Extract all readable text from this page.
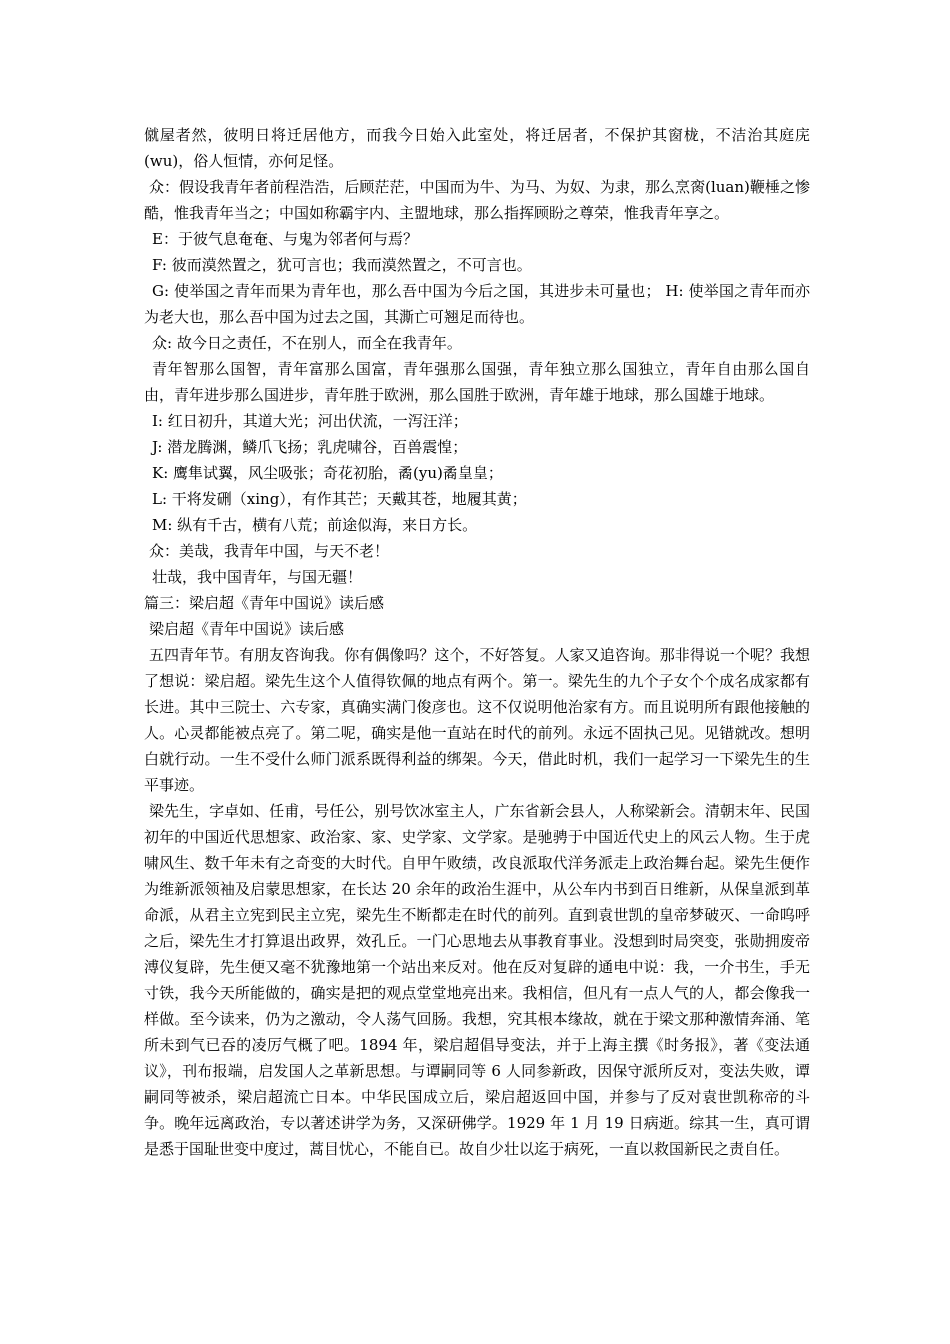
僦屋者然，彼明日将迁居他方，而我今日始入此室处，将迁居者，不保护其窗栊，不洁治其庭庑(wu)，俗人恒情，亦何足怪。

众：假设我青年者前程浩浩，后顾茫茫，中国而为牛、为马、为奴、为隶，那么烹脔(luan)鞭棰之惨酷，惟我青年当之；中国如称霸宇内、主盟地球，那么指挥顾盼之尊荣，惟我青年享之。

E：于彼气息奄奄、与鬼为邻者何与焉？

F: 彼而漠然置之，犹可言也；我而漠然置之，不可言也。

G: 使举国之青年而果为青年也，那么吾中国为今后之国，其进步未可量也； H: 使举国之青年而亦为老大也，那么吾中国为过去之国，其澌亡可翘足而待也。

众: 故今日之责任，不在别人，而全在我青年。

青年智那么国智，青年富那么国富，青年强那么国强，青年独立那么国独立，青年自由那么国自由，青年进步那么国进步，青年胜于欧洲，那么国胜于欧洲，青年雄于地球，那么国雄于地球。

I: 红日初升，其道大光；河出伏流，一泻汪洋；

J: 潜龙腾渊，鳞爪飞扬；乳虎啸谷，百兽震惶；

K: 鹰隼试翼，风尘吸张；奇花初胎，矞(yu)矞皇皇；

L: 干将发硎（xing），有作其芒；天戴其苍，地履其黄；

M: 纵有千古，横有八荒；前途似海，来日方长。

众：美哉，我青年中国，与天不老！

壮哉，我中国青年，与国无疆！

篇三：梁启超《青年中国说》读后感

梁启超《青年中国说》读后感

五四青年节。有朋友咨询我。你有偶像吗？这个，不好答复。人家又追咨询。那非得说一个呢？我想了想说：梁启超。梁先生这个人值得钦佩的地点有两个。第一。梁先生的九个子女个个成名成家都有长进。其中三院士、六专家，真确实满门俊彦也。这不仅说明他治家有方。而且说明所有跟他接触的人。心灵都能被点亮了。第二呢，确实是他一直站在时代的前列。永远不固执己见。见错就改。想明白就行动。一生不受什么师门派系既得利益的绑架。今天，借此时机，我们一起学习一下梁先生的生平事迹。

梁先生，字卓如、任甫，号任公，别号饮冰室主人，广东省新会县人，人称梁新会。清朝末年、民国初年的中国近代思想家、政治家、家、史学家、文学家。是驰骋于中国近代史上的风云人物。生于虎啸风生、数千年未有之奇变的大时代。自甲午败绩，改良派取代洋务派走上政治舞台起。梁先生便作为维新派领袖及启蒙思想家，在长达 20 余年的政治生涯中，从公车内书到百日维新，从保皇派到革命派，从君主立宪到民主立宪，梁先生不断都走在时代的前列。直到袁世凯的皇帝梦破灭、一命呜呼之后，梁先生才打算退出政界，效孔丘。一门心思地去从事教育事业。没想到时局突变，张勋拥废帝溥仪复辟，先生便又毫不犹豫地第一个站出来反对。他在反对复辟的通电中说：我，一介书生，手无寸铁，我今天所能做的，确实是把的观点堂堂地亮出来。我相信，但凡有一点人气的人，都会像我一样做。至今读来，仍为之激动，令人荡气回肠。我想，究其根本缘故，就在于梁文那种激情奔涌、笔所未到气已吞的凌厉气概了吧。1894 年，梁启超倡导变法，并于上海主撰《时务报》，著《变法通议》，刊布报端，启发国人之革新思想。与谭嗣同等 6 人同参新政，因保守派所反对，变法失败，谭嗣同等被杀，梁启超流亡日本。中华民国成立后，梁启超返回中国，并参与了反对袁世凯称帝的斗争。晚年远离政治，专以著述讲学为务，又深研佛学。1929 年 1 月 19 日病逝。综其一生，真可谓是悉于国耻世变中度过，蒿目忧心，不能自已。故自少壮以迄于病死，一直以救国新民之责自任。
